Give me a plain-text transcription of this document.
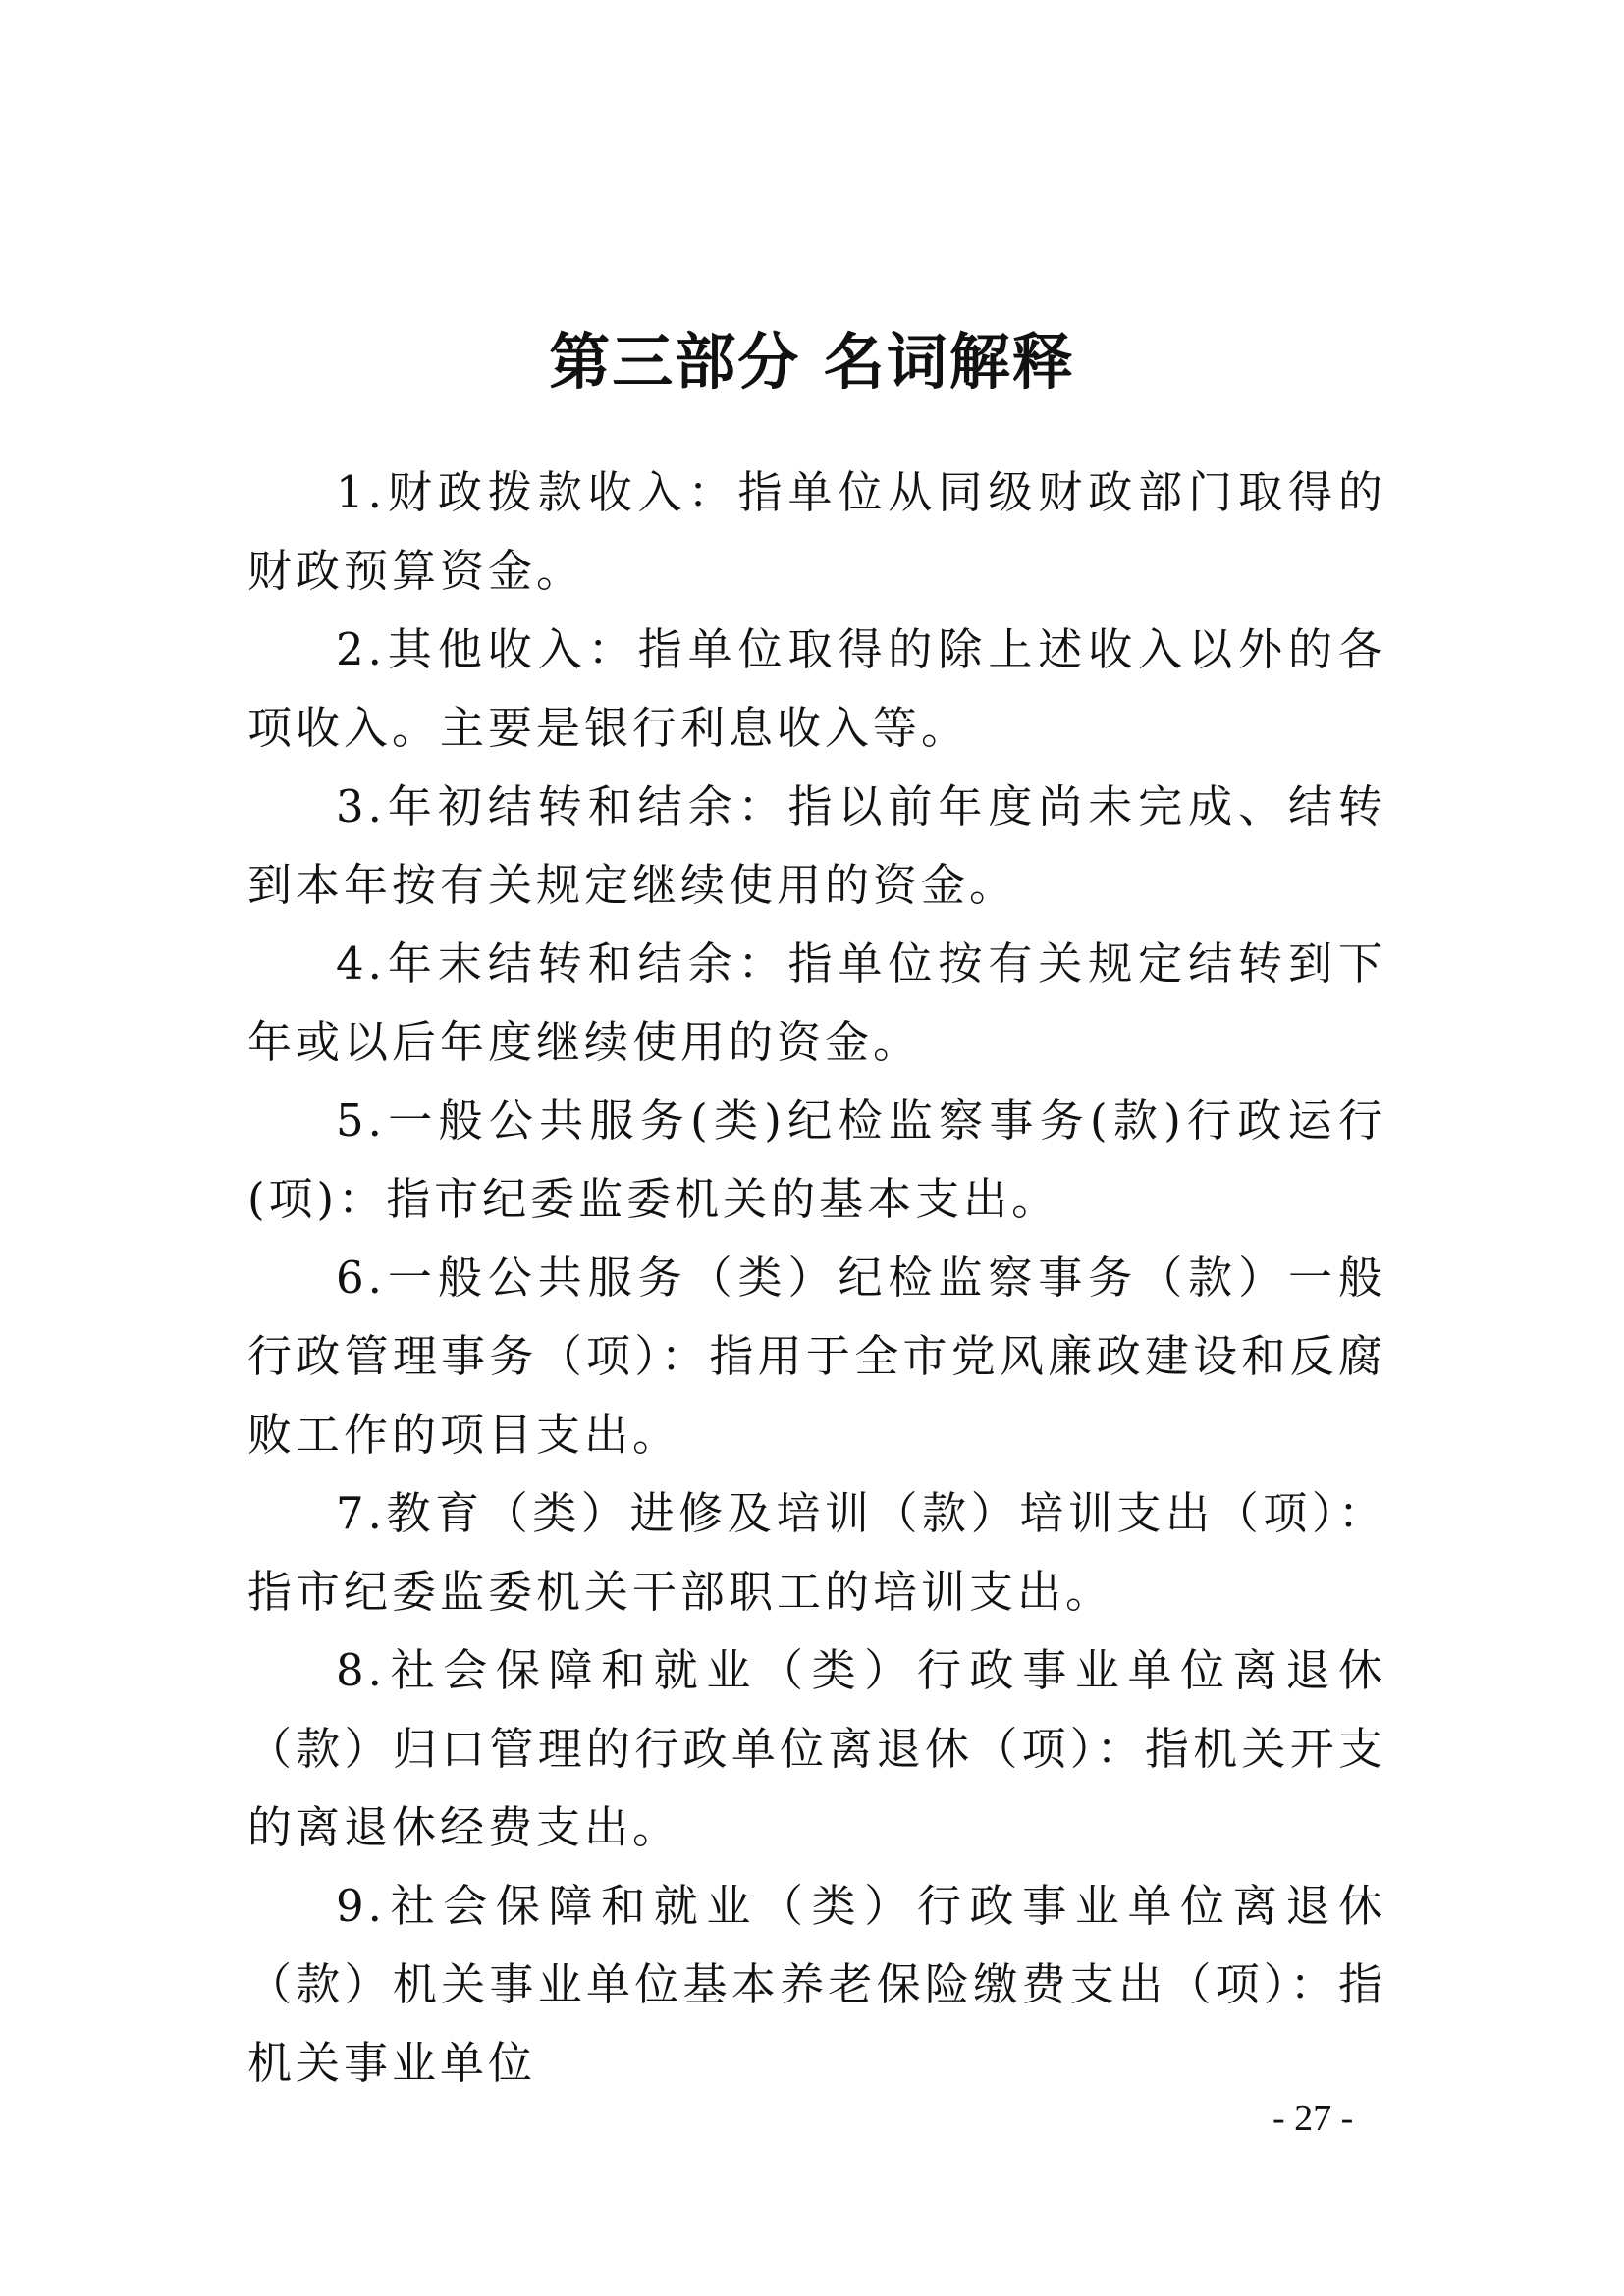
第三部分 名词解释

1.财政拨款收入：指单位从同级财政部门取得的财政预算资金。

2.其他收入：指单位取得的除上述收入以外的各项收入。主要是银行利息收入等。

3.年初结转和结余：指以前年度尚未完成、结转到本年按有关规定继续使用的资金。

4.年末结转和结余：指单位按有关规定结转到下年或以后年度继续使用的资金。

5.一般公共服务(类)纪检监察事务(款)行政运行(项)：指市纪委监委机关的基本支出。

6.一般公共服务（类）纪检监察事务（款）一般行政管理事务（项）：指用于全市党风廉政建设和反腐败工作的项目支出。

7.教育（类）进修及培训（款）培训支出（项）：指市纪委监委机关干部职工的培训支出。

8.社会保障和就业（类）行政事业单位离退休（款）归口管理的行政单位离退休（项）：指机关开支的离退休经费支出。

9.社会保障和就业（类）行政事业单位离退休（款）机关事业单位基本养老保险缴费支出（项）：指机关事业单位

- 27 -
